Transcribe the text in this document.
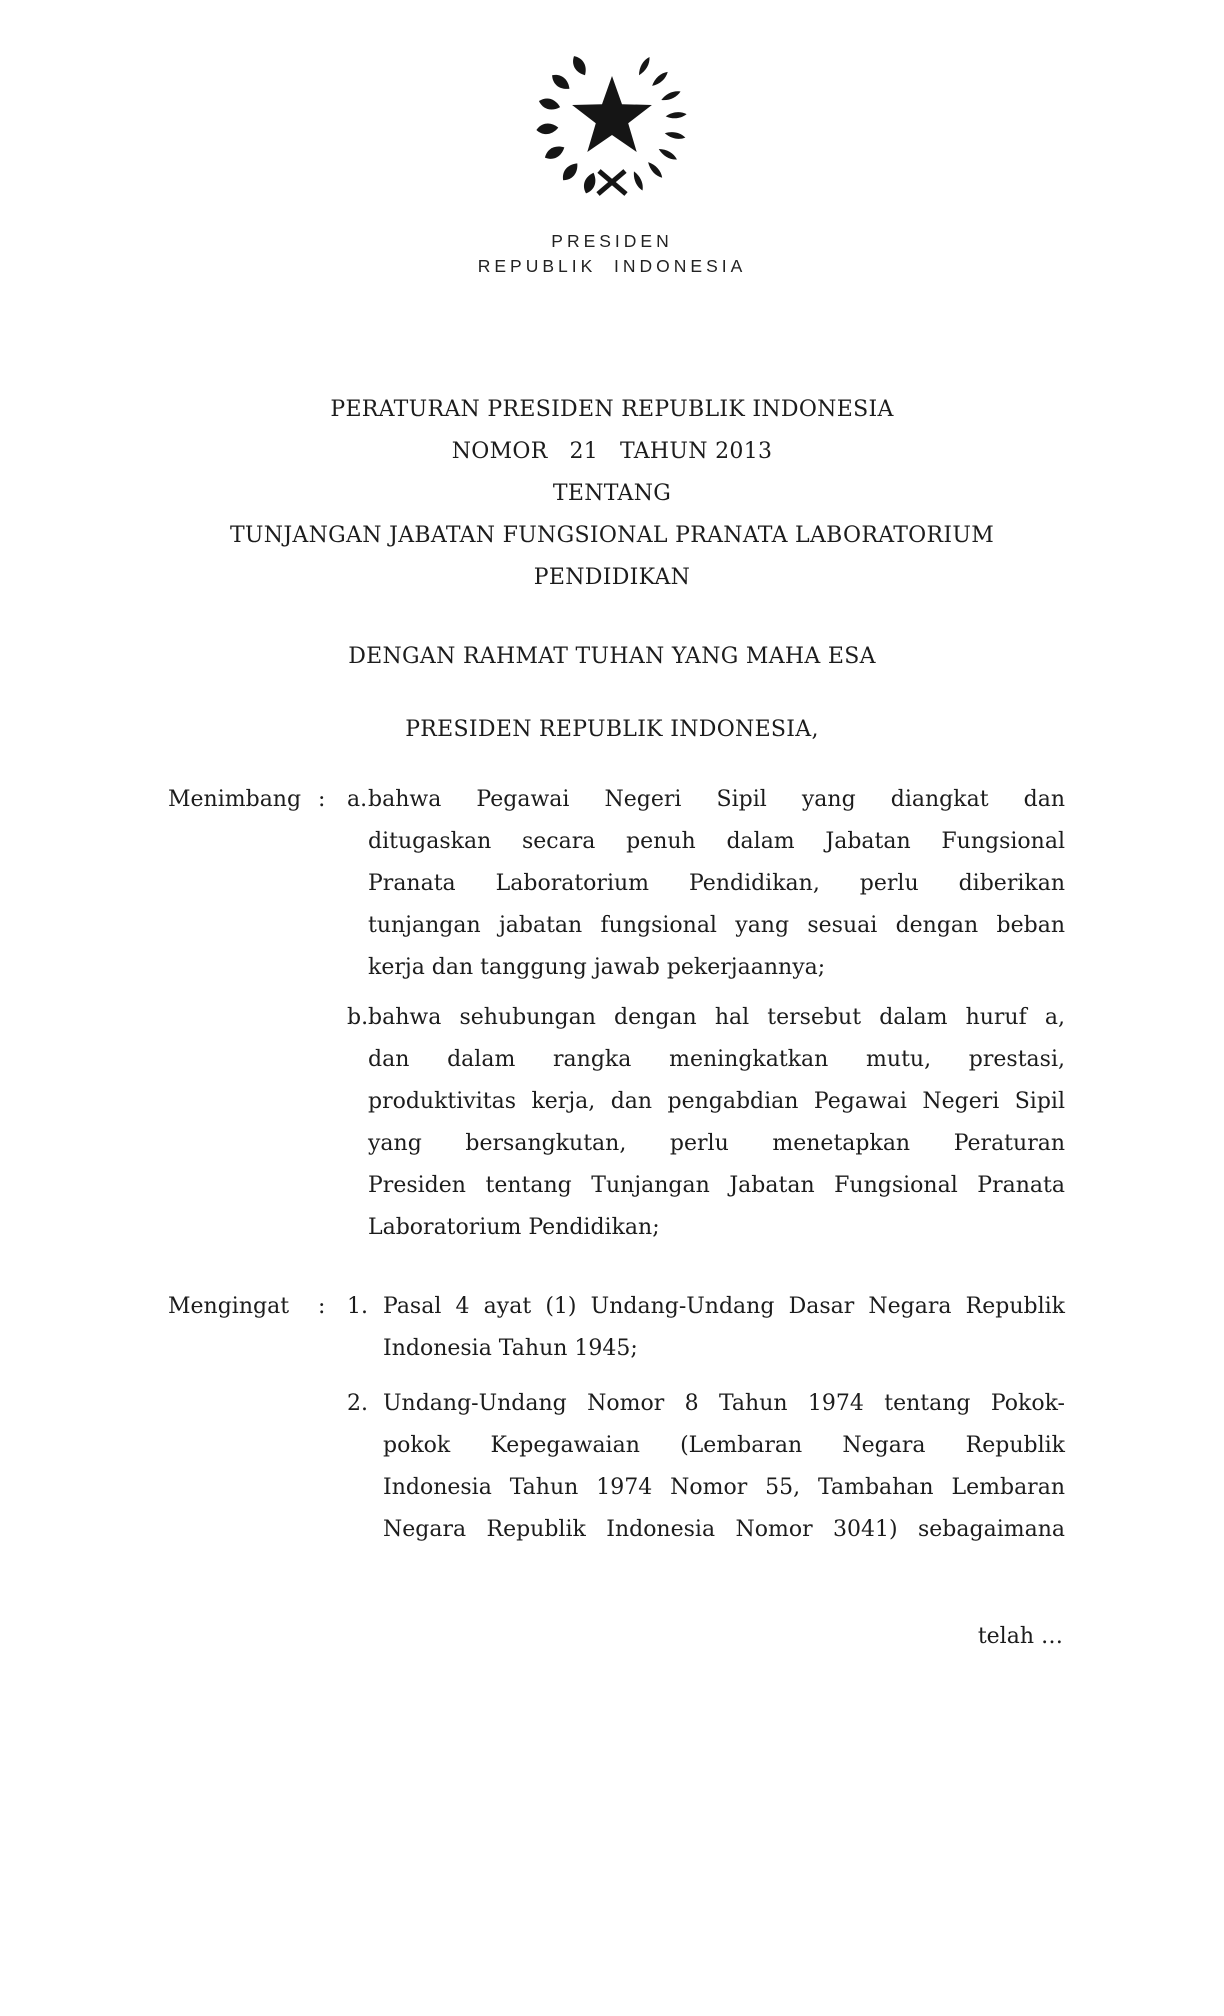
PRESIDEN
REPUBLIK  INDONESIA
PERATURAN PRESIDEN REPUBLIK INDONESIA
NOMOR   21   TAHUN 2013
TENTANG
TUNJANGAN JABATAN FUNGSIONAL PRANATA LABORATORIUM
PENDIDIKAN
DENGAN RAHMAT TUHAN YANG MAHA ESA
PRESIDEN REPUBLIK INDONESIA,
Menimbang : a. bahwa Pegawai Negeri Sipil yang diangkat dan
ditugaskan secara penuh dalam Jabatan Fungsional
Pranata Laboratorium Pendidikan, perlu diberikan
tunjangan jabatan fungsional yang sesuai dengan beban
kerja dan tanggung jawab pekerjaannya;
b. bahwa sehubungan dengan hal tersebut dalam huruf a,
dan dalam rangka meningkatkan mutu, prestasi,
produktivitas kerja, dan pengabdian Pegawai Negeri Sipil
yang bersangkutan, perlu menetapkan Peraturan
Presiden tentang Tunjangan Jabatan Fungsional Pranata
Laboratorium Pendidikan;
Mengingat : 1. Pasal 4 ayat (1) Undang-Undang Dasar Negara Republik
Indonesia Tahun 1945;
2. Undang-Undang Nomor 8 Tahun 1974 tentang Pokok-
pokok Kepegawaian (Lembaran Negara Republik
Indonesia Tahun 1974 Nomor 55, Tambahan Lembaran
Negara Republik Indonesia Nomor 3041) sebagaimana
telah …
